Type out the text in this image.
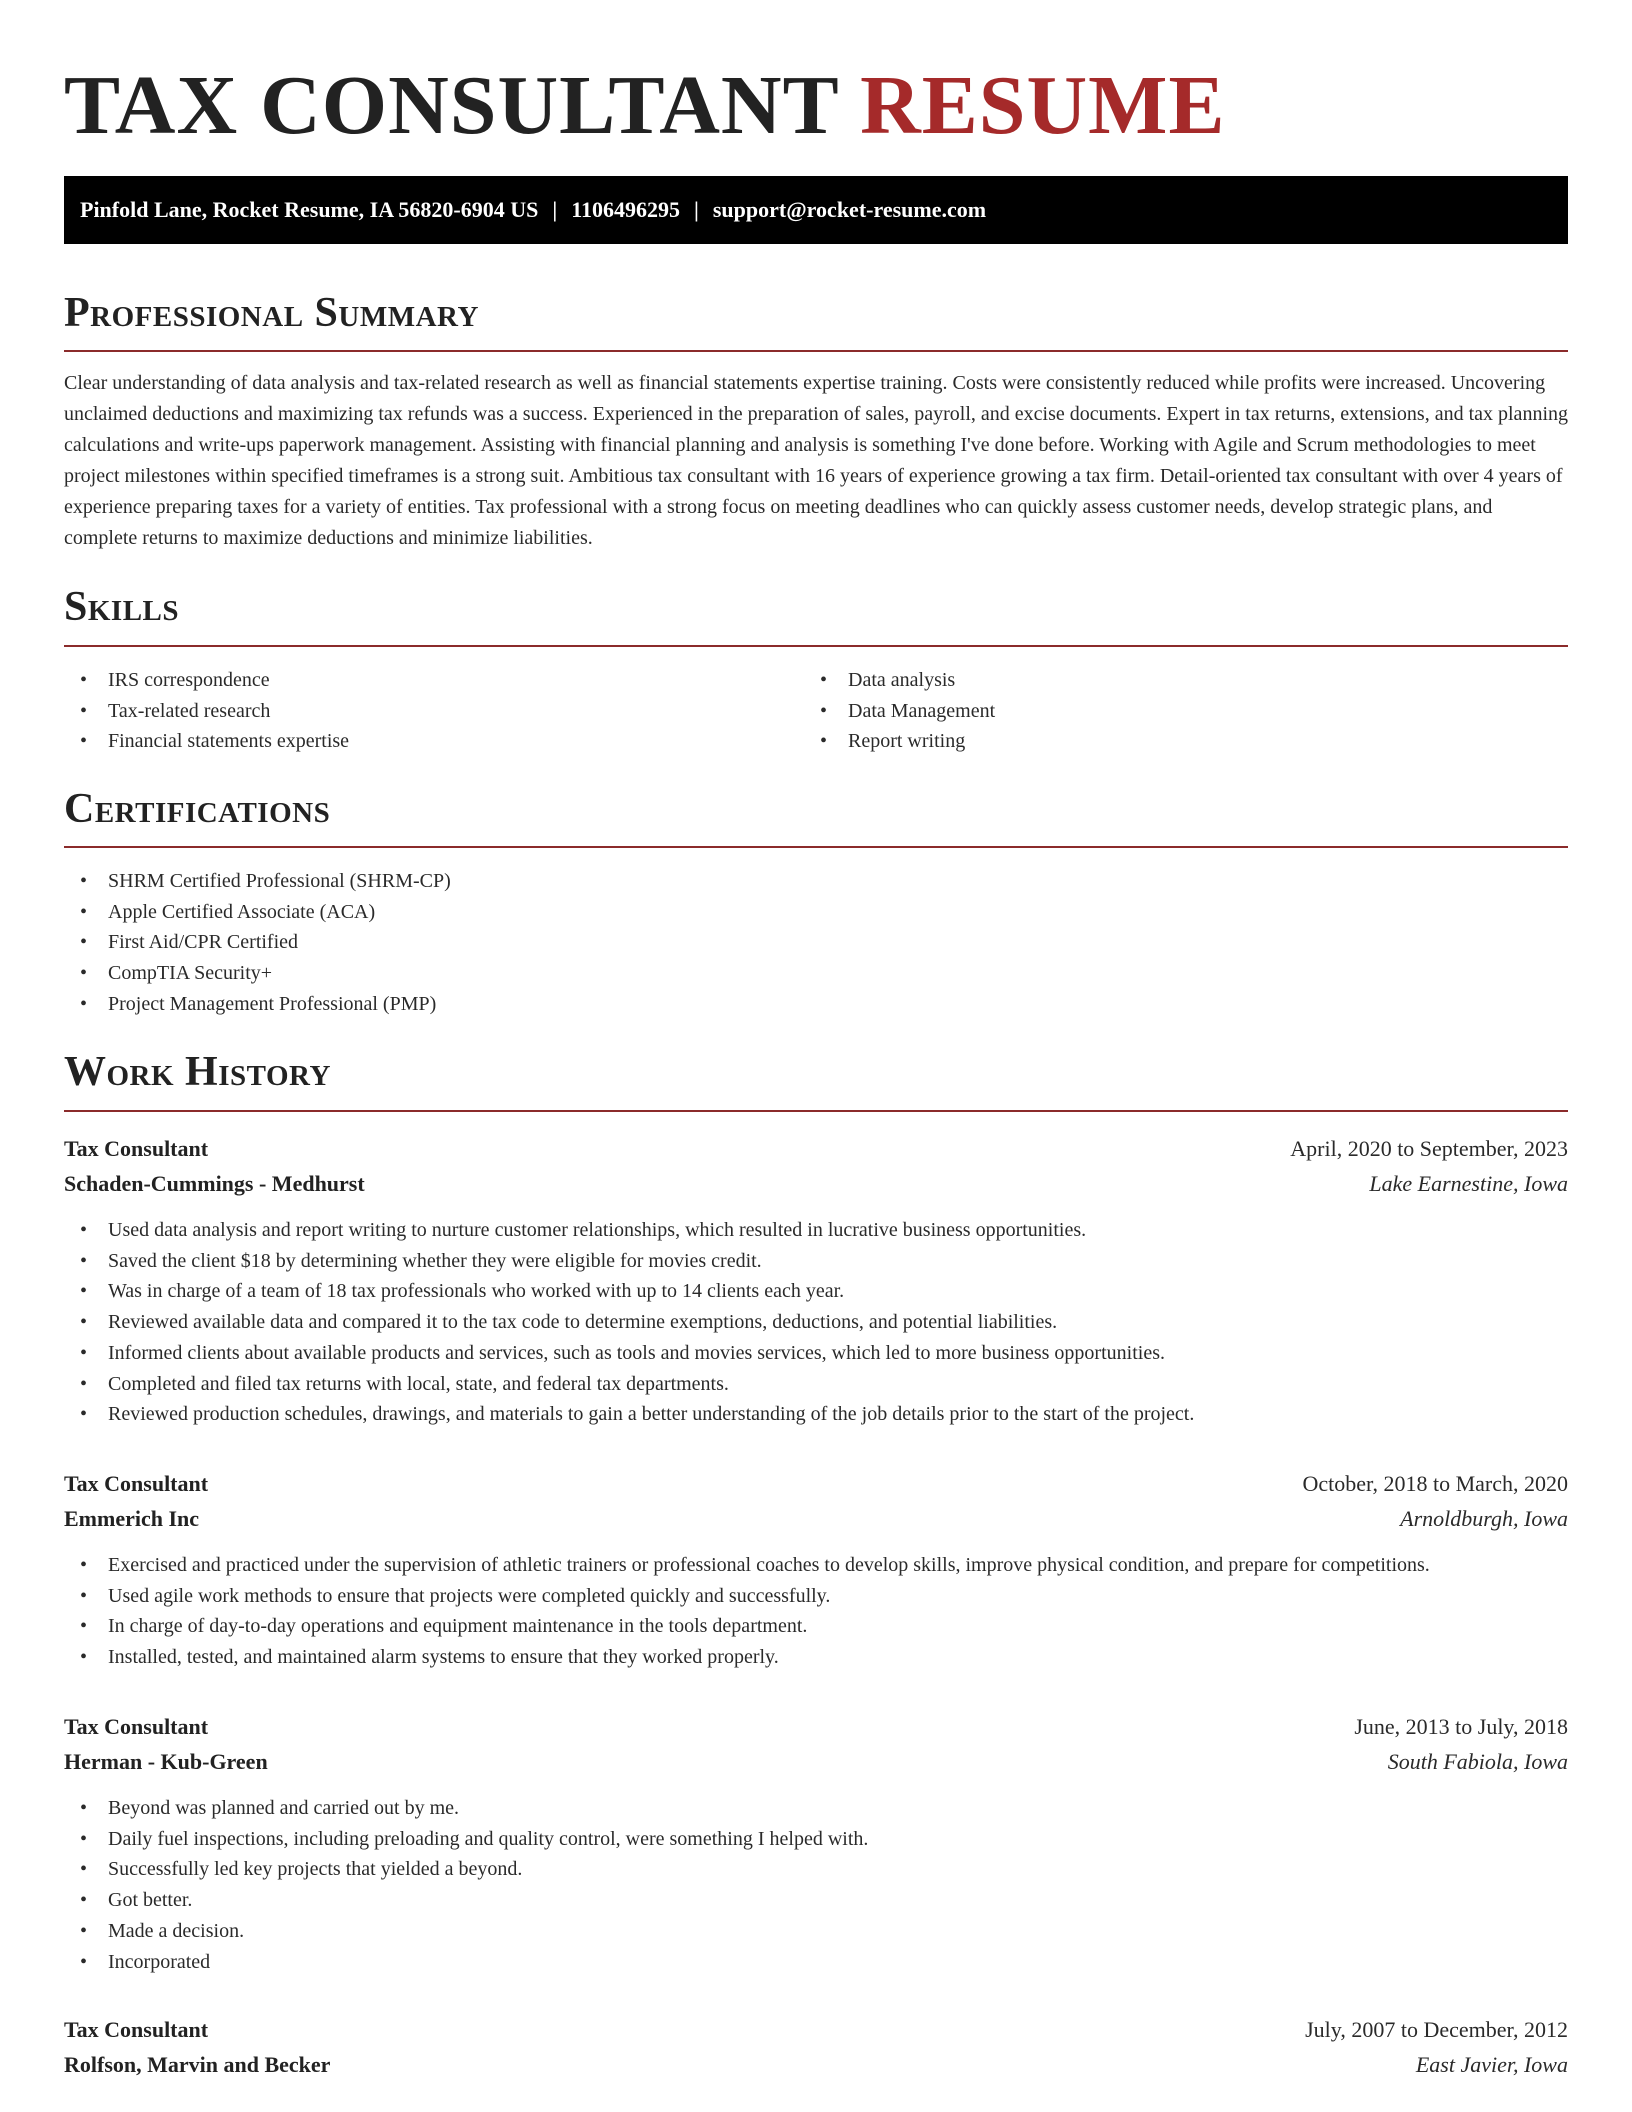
TAX CONSULTANT RESUME
Pinfold Lane, Rocket Resume, IA 56820-6904 US | 1106496295 | support@rocket-resume.com
Professional Summary

Clear understanding of data analysis and tax-related research as well as financial statements expertise training. Costs were consistently reduced while profits were increased. Uncovering unclaimed deductions and maximizing tax refunds was a success. Experienced in the preparation of sales, payroll, and excise documents. Expert in tax returns, extensions, and tax planning calculations and write-ups paperwork management. Assisting with financial planning and analysis is something I've done before. Working with Agile and Scrum methodologies to meet project milestones within specified timeframes is a strong suit. Ambitious tax consultant with 16 years of experience growing a tax firm. Detail-oriented tax consultant with over 4 years of experience preparing taxes for a variety of entities. Tax professional with a strong focus on meeting deadlines who can quickly assess customer needs, develop strategic plans, and complete returns to maximize deductions and minimize liabilities.

Skills
• IRS correspondence
• Tax-related research
• Financial statements expertise
• Data analysis
• Data Management
• Report writing
Certifications
• SHRM Certified Professional (SHRM-CP)
• Apple Certified Associate (ACA)
• First Aid/CPR Certified
• CompTIA Security+
• Project Management Professional (PMP)
Work History
Tax Consultant	April, 2020 to September, 2023
Schaden-Cummings - Medhurst	Lake Earnestine, Iowa
• Used data analysis and report writing to nurture customer relationships, which resulted in lucrative business opportunities.
• Saved the client $18 by determining whether they were eligible for movies credit.
• Was in charge of a team of 18 tax professionals who worked with up to 14 clients each year.
• Reviewed available data and compared it to the tax code to determine exemptions, deductions, and potential liabilities.
• Informed clients about available products and services, such as tools and movies services, which led to more business opportunities.
• Completed and filed tax returns with local, state, and federal tax departments.
• Reviewed production schedules, drawings, and materials to gain a better understanding of the job details prior to the start of the project.
Tax Consultant	October, 2018 to March, 2020
Emmerich Inc	Arnoldburgh, Iowa
• Exercised and practiced under the supervision of athletic trainers or professional coaches to develop skills, improve physical condition, and prepare for competitions.
• Used agile work methods to ensure that projects were completed quickly and successfully.
• In charge of day-to-day operations and equipment maintenance in the tools department.
• Installed, tested, and maintained alarm systems to ensure that they worked properly.
Tax Consultant	June, 2013 to July, 2018
Herman - Kub-Green	South Fabiola, Iowa
• Beyond was planned and carried out by me.
• Daily fuel inspections, including preloading and quality control, were something I helped with.
• Successfully led key projects that yielded a beyond.
• Got better.
• Made a decision.
• Incorporated
Tax Consultant	July, 2007 to December, 2012
Rolfson, Marvin and Becker	East Javier, Iowa
